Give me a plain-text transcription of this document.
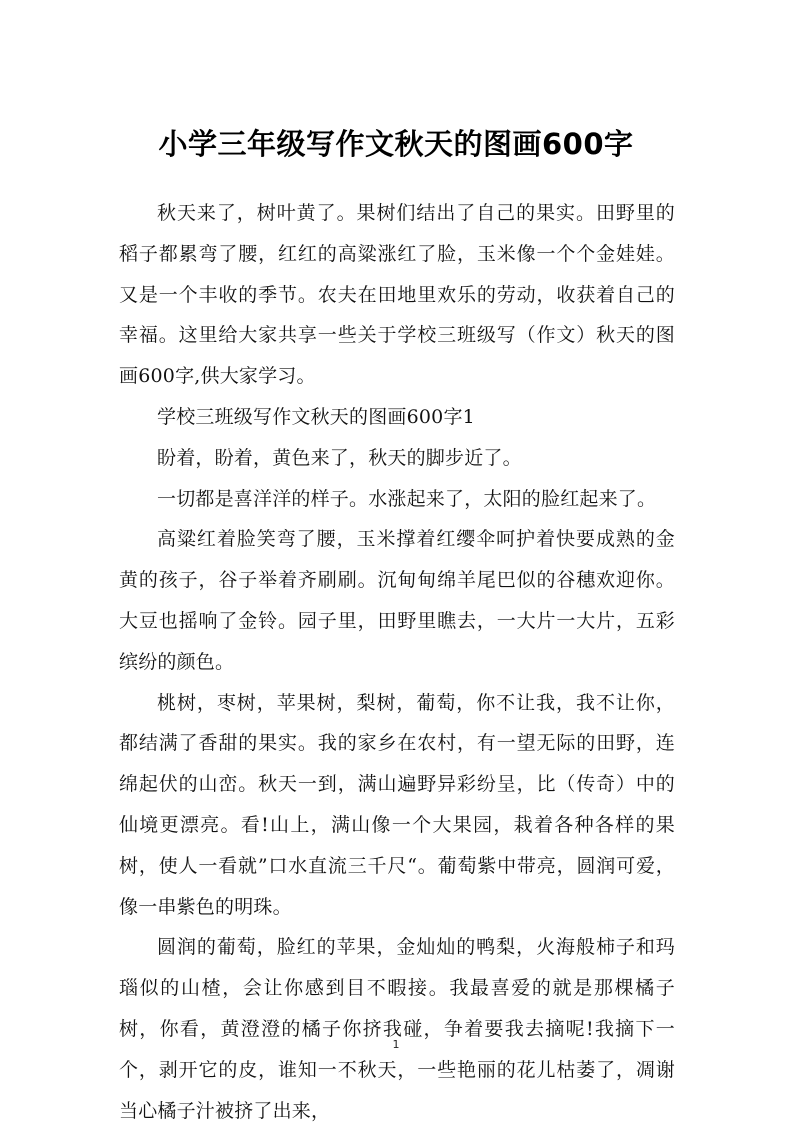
小学三年级写作文秋天的图画600字

秋天来了，树叶黄了。果树们结出了自己的果实。田野里的稻子都累弯了腰，红红的高粱涨红了脸，玉米像一个个金娃娃。又是一个丰收的季节。农夫在田地里欢乐的劳动，收获着自己的幸福。这里给大家共享一些关于学校三班级写（作文）秋天的图画600字,供大家学习。

学校三班级写作文秋天的图画600字1

盼着，盼着，黄色来了，秋天的脚步近了。

一切都是喜洋洋的样子。水涨起来了，太阳的脸红起来了。

高粱红着脸笑弯了腰，玉米撑着红缨伞呵护着快要成熟的金黄的孩子，谷子举着齐刷刷。沉甸甸绵羊尾巴似的谷穗欢迎你。大豆也摇响了金铃。园子里，田野里瞧去，一大片一大片，五彩缤纷的颜色。

桃树，枣树，苹果树，梨树，葡萄，你不让我，我不让你，都结满了香甜的果实。我的家乡在农村，有一望无际的田野，连绵起伏的山峦。秋天一到，满山遍野异彩纷呈，比（传奇）中的仙境更漂亮。看!山上，满山像一个大果园，栽着各种各样的果树，使人一看就”口水直流三千尺“。葡萄紫中带亮，圆润可爱，像一串紫色的明珠。

圆润的葡萄，脸红的苹果，金灿灿的鸭梨，火海般柿子和玛瑙似的山楂，会让你感到目不暇接。我最喜爱的就是那棵橘子树，你看，黄澄澄的橘子你挤我碰，争着要我去摘呢!我摘下一个，剥开它的皮，谁知一不秋天，一些艳丽的花儿枯萎了，凋谢当心橘子汁被挤了出来，

1
